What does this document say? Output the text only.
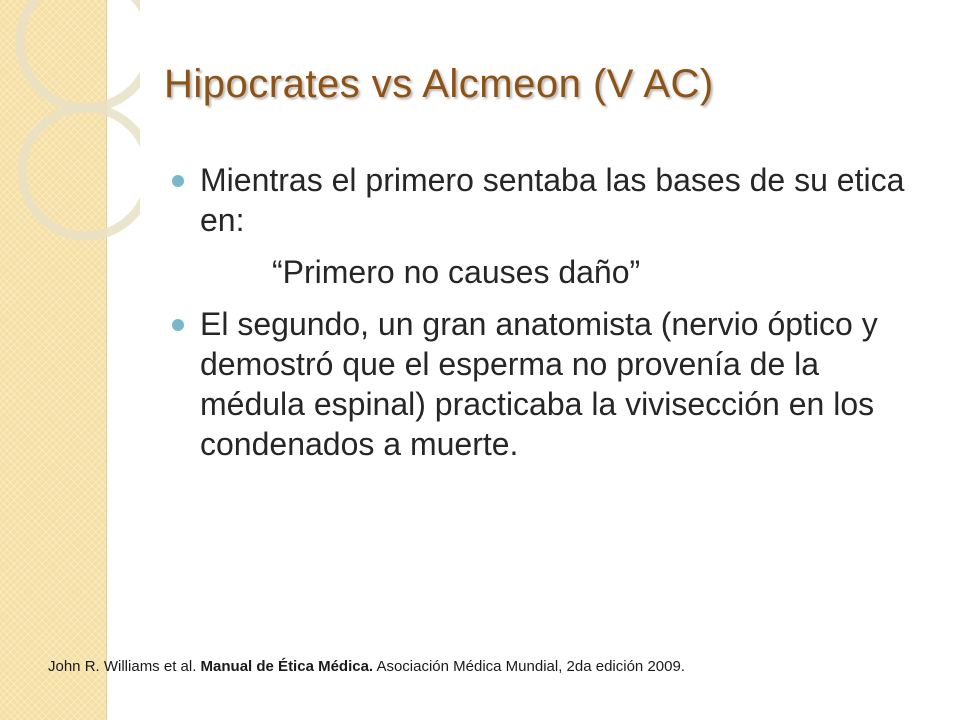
Hipocrates vs Alcmeon (V AC)
Mientras el primero sentaba las bases de su etica en:
“Primero no causes daño”
El segundo, un gran anatomista (nervio óptico y demostró que el esperma no provenía de la médula espinal) practicaba la vivisección en los condenados a muerte.
John R. Williams et al. Manual de Ética Médica. Asociación Médica Mundial, 2da edición 2009.
